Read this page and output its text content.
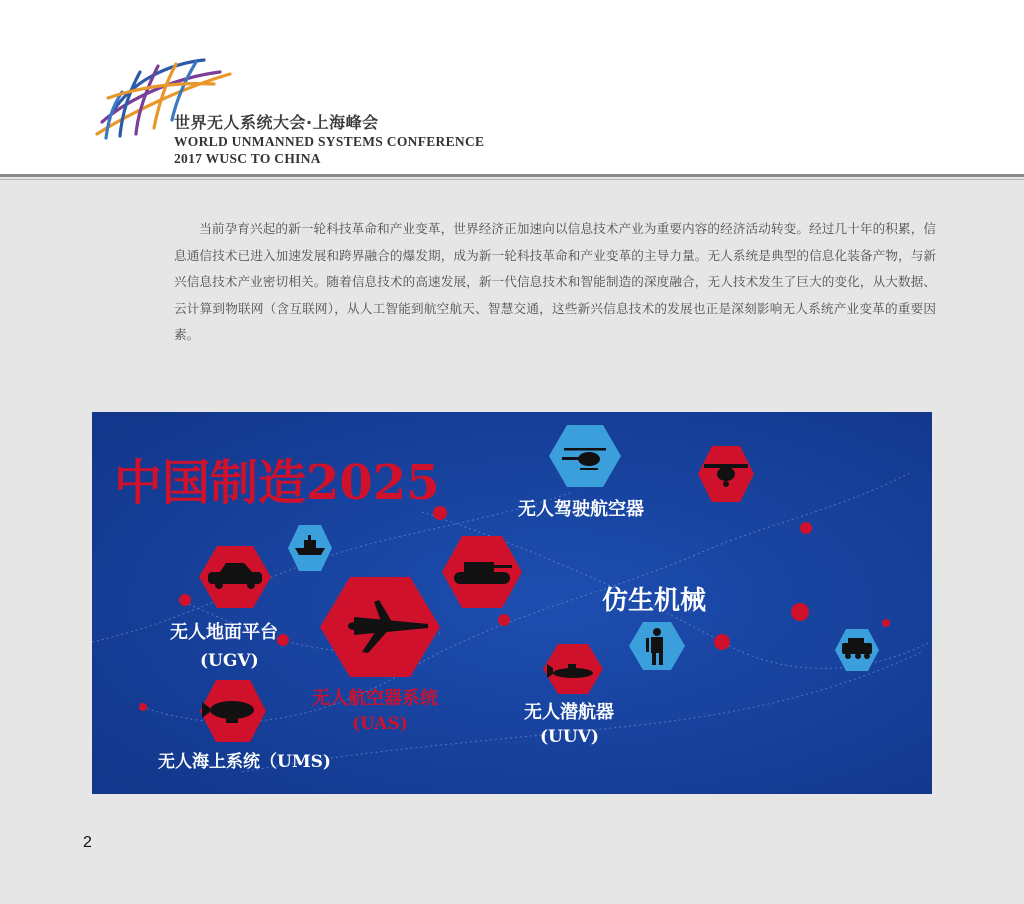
世界无人系统大会·上海峰会
WORLD UNMANNED SYSTEMS CONFERENCE
2017 WUSC TO CHINA

当前孕育兴起的新一轮科技革命和产业变革，世界经济正加速向以信息技术产业为重要内容的经济活动转变。经过几十年的积累，信息通信技术已进入加速发展和跨界融合的爆发期，成为新一轮科技革命和产业变革的主导力量。无人系统是典型的信息化装备产物，与新兴信息技术产业密切相关。随着信息技术的高速发展，新一代信息技术和智能制造的深度融合，无人技术发生了巨大的变化，从大数据、云计算到物联网（含互联网），从人工智能到航空航天、智慧交通，这些新兴信息技术的发展也正是深刻影响无人系统产业变革的重要因素。

中国制造2025	无人驾驶航空器
无人地面平台
(UGV)
仿生机械
无人航空器系统
(UAS)
无人潜航器
(UUV)
无人海上系统（UMS)
2
